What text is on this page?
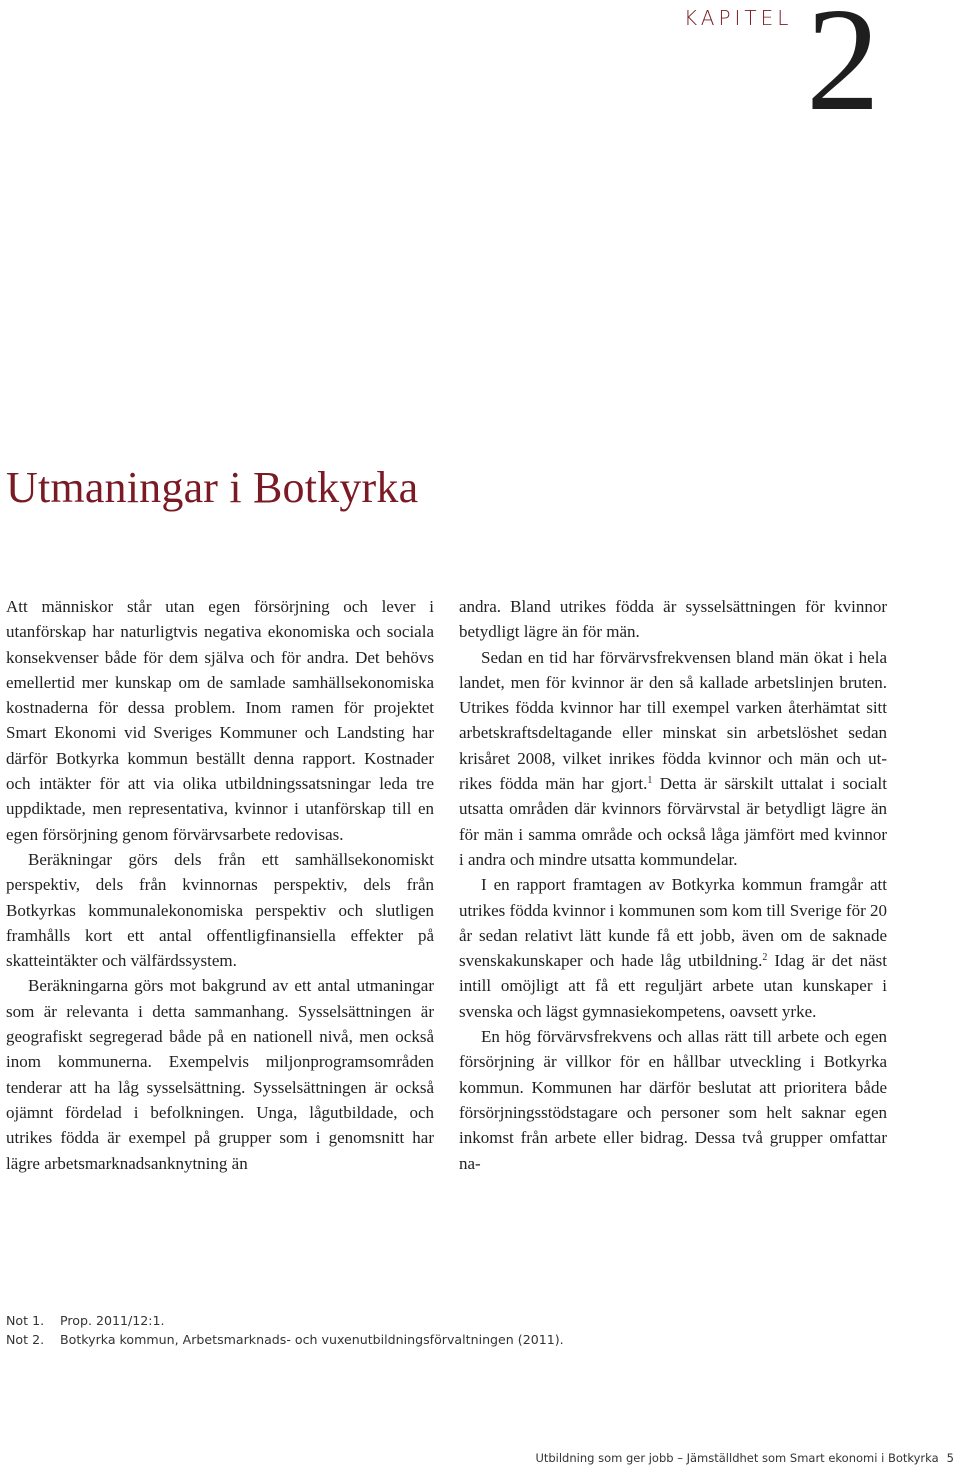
KAPITEL 2
Utmaningar i Botkyrka

Att människor står utan egen försörjning och lever i utanförskap har naturligtvis negativa ekonomiska och sociala konsekvenser både för dem själva och för andra. Det behövs emellertid mer kunskap om de samlade samhällsekonomiska kostnaderna för dessa problem. Inom ramen för projektet Smart Ekonomi vid Sveriges Kommuner och Landsting har därför Botkyrka kommun beställt denna rapport. Kostnader och intäkter för att via olika utbildningssatsningar leda tre uppdiktade, men representativa, kvinnor i utanförskap till en egen försörjning genom förvärvsarbete redovisas.

Beräkningar görs dels från ett samhällsekonomiskt perspektiv, dels från kvinnornas perspektiv, dels från Botkyrkas kommunalekonomiska perspektiv och slutligen framhålls kort ett antal offentligfinansiella effekter på skatteintäkter och välfärdssystem.

Beräkningarna görs mot bakgrund av ett antal utmaningar som är relevanta i detta sammanhang. Sysselsättningen är geografiskt segregerad både på en nationell nivå, men också inom kommunerna. Exempelvis miljonprogramsområden tenderar att ha låg sysselsättning. Sysselsättningen är också ojämnt fördelad i befolkningen. Unga, lågutbildade, och utrikes födda är exempel på grupper som i genomsnitt har lägre arbetsmarknadsanknytning än

andra. Bland utrikes födda är sysselsättningen för kvinnor betydligt lägre än för män.

Sedan en tid har förvärvsfrekvensen bland män ökat i hela landet, men för kvinnor är den så kallade arbetslinjen bruten. Utrikes födda kvinnor har till exempel varken återhämtat sitt arbetskraftsdeltagande eller minskat sin arbetslöshet sedan krisåret 2008, vilket inrikes födda kvinnor och män och utrikes födda män har gjort.$^1$ Detta är särskilt uttalat i socialt utsatta områden där kvinnors förvärvstal är betydligt lägre än för män i samma område och också låga jämfört med kvinnor i andra och mindre utsatta kommundelar.

I en rapport framtagen av Botkyrka kommun framgår att utrikes födda kvinnor i kommunen som kom till Sverige för 20 år sedan relativt lätt kunde få ett jobb, även om de saknade svenskakunskaper och hade låg utbildning.$^2$ Idag är det näst intill omöjligt att få ett reguljärt arbete utan kunskaper i svenska och lägst gymnasiekompetens, oavsett yrke.

En hög förvärvsfrekvens och allas rätt till arbete och egen försörjning är villkor för en hållbar utveckling i Botkyrka kommun. Kommunen har därför beslutat att prioritera både försörjningsstödstagare och personer som helt saknar egen inkomst från arbete eller bidrag. Dessa två grupper omfattar na-

Not 1.	Prop. 2011/12:1.
Not 2.	Botkyrka kommun, Arbetsmarknads- och vuxenutbildningsförvaltningen (2011).
Utbildning som ger jobb – Jämställdhet som Smart ekonomi i Botkyrka 5
